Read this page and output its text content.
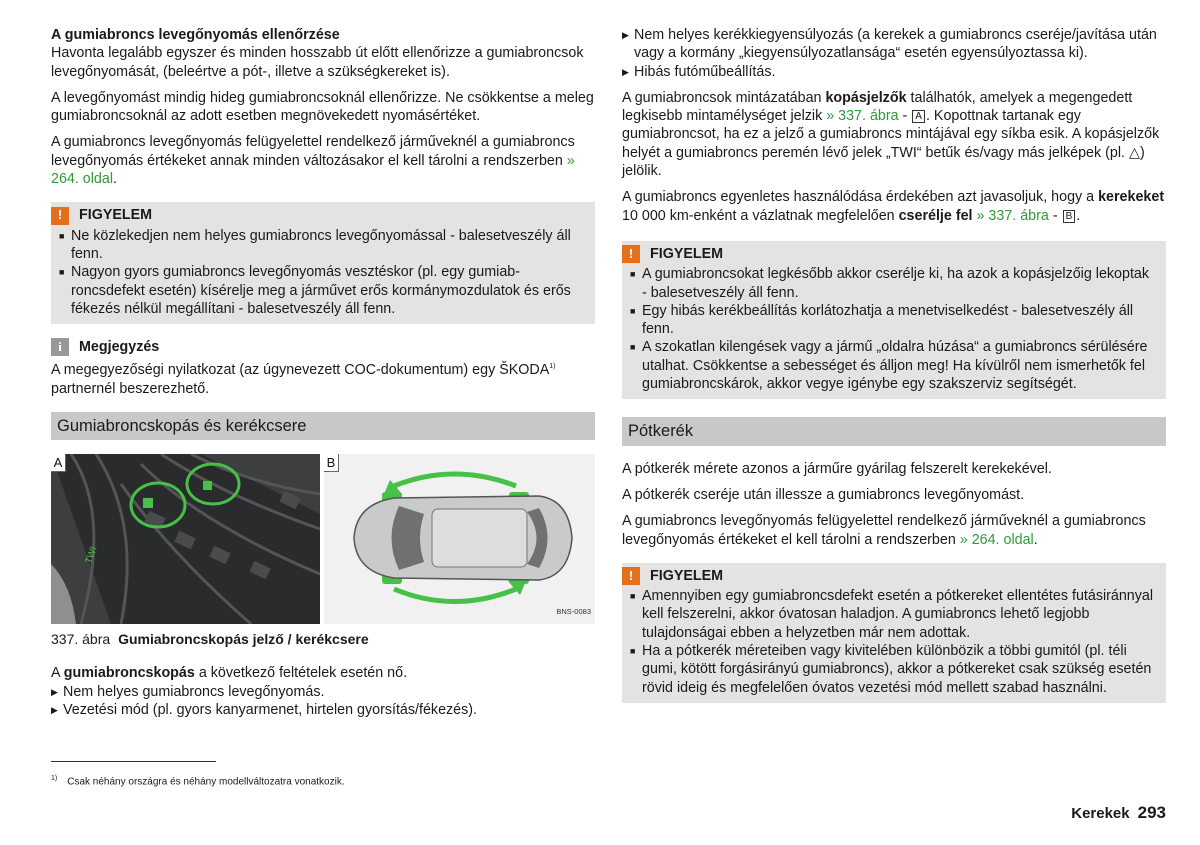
A gumiabroncs levegőnyomás ellenőrzése
Havonta legalább egyszer és minden hosszabb út előtt ellenőrizze a gumiabroncsok levegőnyomását, (beleértve a pót-, illetve a szükségkereket is).

A levegőnyomást mindig hideg gumiabroncsoknál ellenőrizze. Ne csökkentse a meleg gumiabroncsoknál az adott esetben megnövekedett nyomásértéket.

A gumiabroncs levegőnyomás felügyelettel rendelkező járműveknél a gumiabroncs levegőnyomás értékeket annak minden változásakor el kell tárolni a rendszerben » 264. oldal.

!	FIGYELEM
■ Ne közlekedjen nem helyes gumiabroncs levegőnyomással - balesetveszély áll fenn.
■ Nagyon gyors gumiabroncs levegőnyomás vesztéskor (pl. egy gumiabroncsdefekt esetén) kísérelje meg a járművet erős kormánymozdulatok és erős fékezés nélkül megállítani - balesetveszély áll fenn.
i	Megjegyzés
A megegyezőségi nyilatkozat (az úgynevezett COC-dokumentum) egy ŠKODA$^{1)}$
partnernél beszerezhető.
Gumiabroncskopás és kerékcsere
TWI
A	B
BNS-0083
337. ábra Gumiabroncskopás jelző / kerékcsere

A gumiabroncskopás a következő feltételek esetén nő.

▶ Nem helyes gumiabroncs levegőnyomás.
▶ Vezetési mód (pl. gyors kanyarmenet, hirtelen gyorsítás/fékezés).
$^{1)}$ Csak néhány országra és néhány modellváltozatra vonatkozik.
▶ Nem helyes kerékkiegyensúlyozás (a kerekek a gumiabroncs cseréje/javítása után vagy a kormány „kiegyensúlyozatlansága“ esetén egyensúlyoztassa ki).
▶ Hibás futóműbeállítás.

A gumiabroncsok mintázatában kopásjelzők találhatók, amelyek a megengedett legkisebb mintamélységet jelzik » 337. ábra - A . Kopottnak tartanak egy gumiabroncsot, ha ez a jelző a gumiabroncs mintájával egy síkba esik. A kopásjelzők helyét a gumiabroncs peremén lévő jelek „TWI“ betűk és/vagy más jelképek (pl. △) jelölik.

A gumiabroncs egyenletes használódása érdekében azt javasoljuk, hogy a kerekeket 10 000 km-enként a vázlatnak megfelelően cserélje fel » 337. ábra - B .

!	FIGYELEM
■ A gumiabroncsokat legkésőbb akkor cserélje ki, ha azok a kopásjelzőig lekoptak - balesetveszély áll fenn.
■ Egy hibás kerékbeállítás korlátozhatja a menetviselkedést - balesetveszély áll fenn.
■ A szokatlan kilengések vagy a jármű „oldalra húzása“ a gumiabroncs sérülésére utalhat. Csökkentse a sebességet és álljon meg! Ha kívülről nem ismerhetők fel gumiabroncskárok, akkor vegye igénybe egy szakszerviz segítségét.
Pótkerék

A pótkerék mérete azonos a járműre gyárilag felszerelt kerekekével.

A pótkerék cseréje után illessze a gumiabroncs levegőnyomást.

A gumiabroncs levegőnyomás felügyelettel rendelkező járműveknél a gumiabroncs levegőnyomás értékeket el kell tárolni a rendszerben » 264. oldal.

!	FIGYELEM
■ Amennyiben egy gumiabroncsdefekt esetén a pótkereket ellentétes futásiránnyal kell felszerelni, akkor óvatosan haladjon. A gumiabroncs lehető legjobb tulajdonságai ebben a helyzetben már nem adottak.
■ Ha a pótkerék méreteiben vagy kivitelében különbözik a többi gumitól (pl. téli gumi, kötött forgásirányú gumiabroncs), akkor a pótkereket csak szükség esetén rövid ideig és megfelelően óvatos vezetési mód mellett szabad használni.
Kerekek 293
